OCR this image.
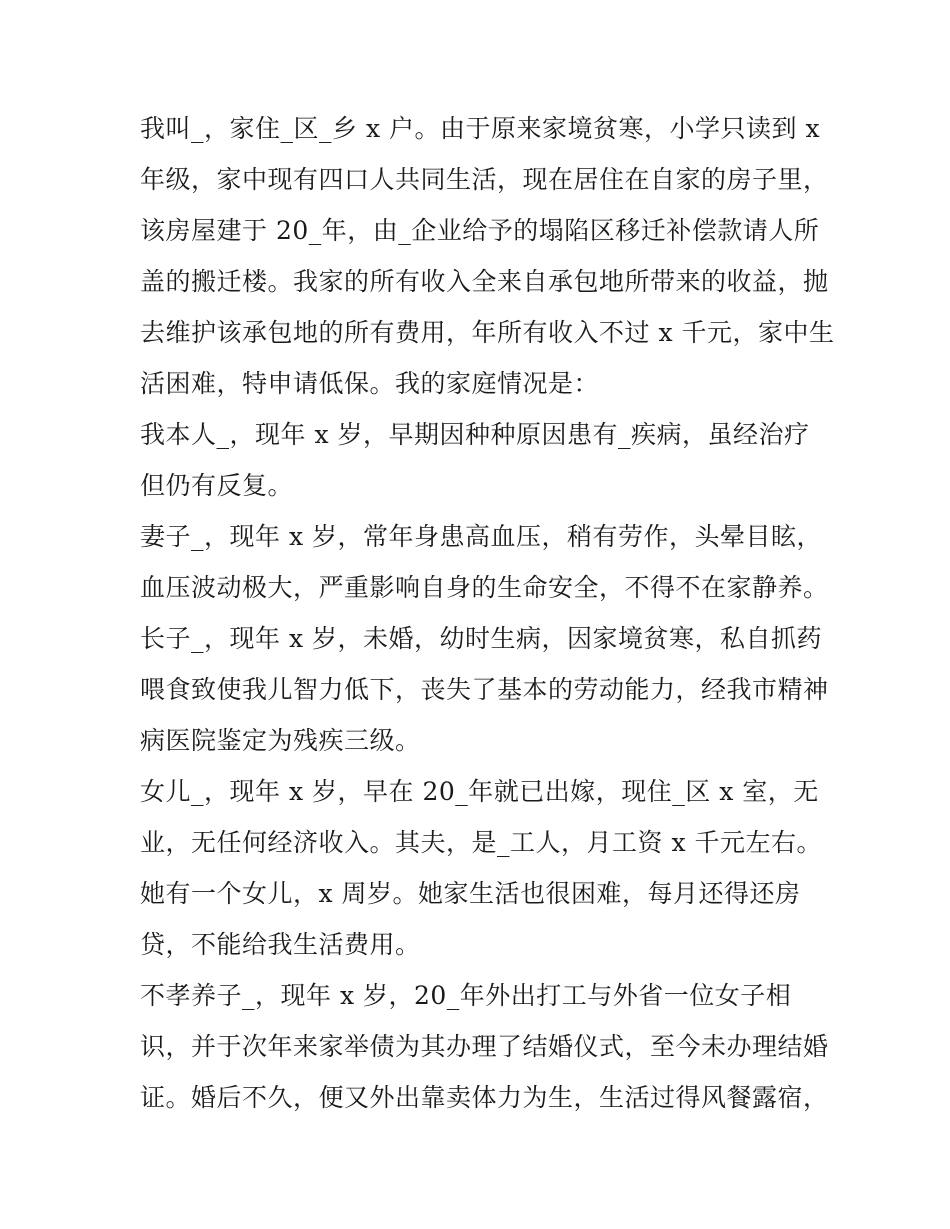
我叫_，家住_区_乡 x 户。由于原来家境贫寒，小学只读到 x
年级，家中现有四口人共同生活，现在居住在自家的房子里，
该房屋建于 20_年，由_企业给予的塌陷区移迁补偿款请人所
盖的搬迁楼。我家的所有收入全来自承包地所带来的收益，抛
去维护该承包地的所有费用，年所有收入不过 x 千元，家中生
活困难，特申请低保。我的家庭情况是：
我本人_，现年 x 岁，早期因种种原因患有_疾病，虽经治疗
但仍有反复。
妻子_，现年 x 岁，常年身患高血压，稍有劳作，头晕目眩，
血压波动极大，严重影响自身的生命安全，不得不在家静养。
长子_，现年 x 岁，未婚，幼时生病，因家境贫寒，私自抓药
喂食致使我儿智力低下，丧失了基本的劳动能力，经我市精神
病医院鉴定为残疾三级。
女儿_，现年 x 岁，早在 20_年就已出嫁，现住_区 x 室，无
业，无任何经济收入。其夫，是_工人，月工资 x 千元左右。
她有一个女儿，x 周岁。她家生活也很困难，每月还得还房
贷，不能给我生活费用。
不孝养子_，现年 x 岁，20_年外出打工与外省一位女子相
识，并于次年来家举债为其办理了结婚仪式，至今未办理结婚
证。婚后不久，便又外出靠卖体力为生，生活过得风餐露宿，
